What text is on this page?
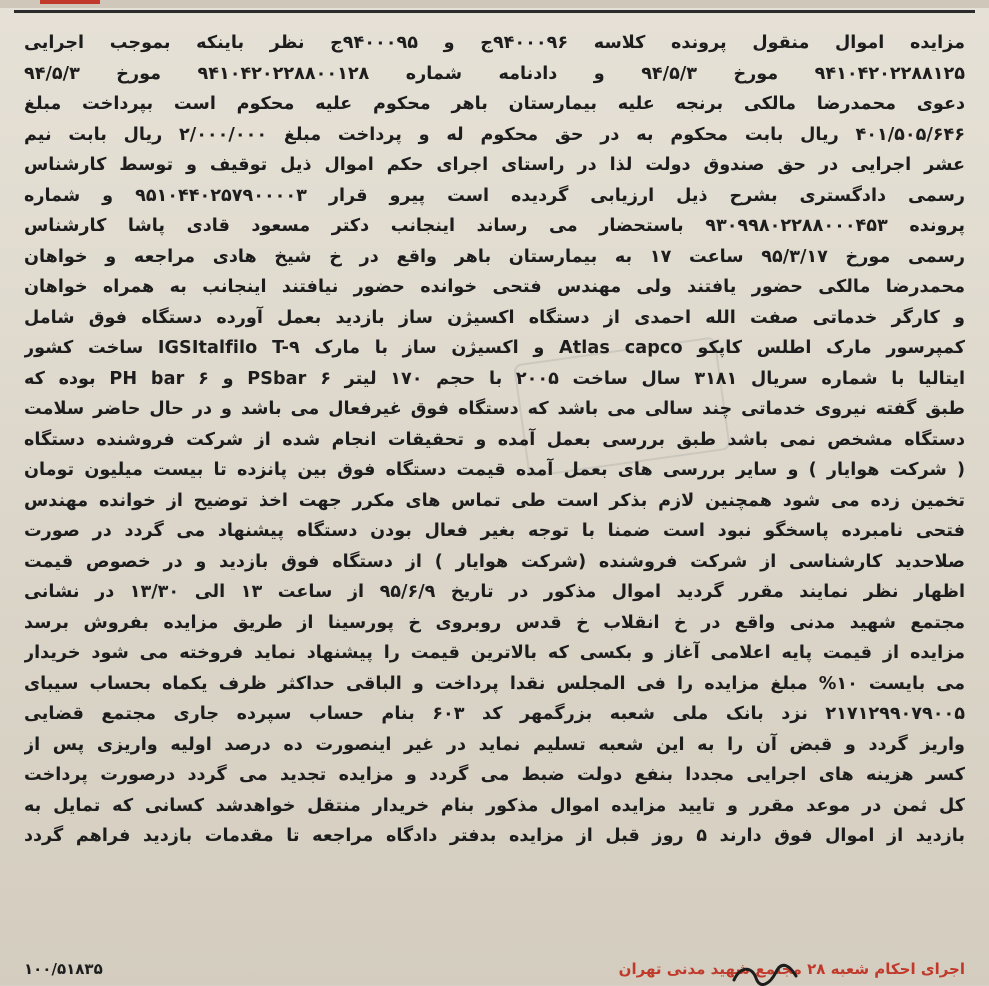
مزایده اموال منقول پرونده کلاسه ۹۴۰۰۰۹۶ج و ۹۴۰۰۰۹۵ج نظر باینکه بموجب اجرایی
۹۴۱۰۴۲۰۲۲۸۸۱۲۵ مورخ ۹۴/۵/۳ و دادنامه شماره ۹۴۱۰۴۲۰۲۲۸۸۰۰۱۲۸ مورخ ۹۴/۵/۳
دعوی محمدرضا مالکی برنجه علیه بیمارستان باهر محکوم علیه محکوم است بپرداخت مبلغ
۴۰۱/۵۰۵/۶۴۶ ریال بابت محکوم به در حق محکوم له و پرداخت مبلغ ۲/۰۰۰/۰۰۰ ریال بابت نیم
عشر اجرایی در حق صندوق دولت لذا در راستای اجرای حکم اموال ذیل توقیف و توسط کارشناس
رسمی دادگستری بشرح ذیل ارزیابی گردیده است پیرو قرار ۹۵۱۰۴۴۰۲۵۷۹۰۰۰۰۳ و شماره
پرونده ۹۳۰۹۹۸۰۲۲۸۸۰۰۰۴۵۳ باستحضار می رساند اینجانب دکتر مسعود قادی پاشا کارشناس
رسمی مورخ ۹۵/۳/۱۷ ساعت ۱۷ به بیمارستان باهر واقع در خ شیخ هادی مراجعه و خواهان
محمدرضا مالکی حضور یافتند ولی مهندس فتحی خوانده حضور نیافتند اینجانب به همراه خواهان
و کارگر خدماتی صفت الله احمدی از دستگاه اکسیژن ساز بازدید بعمل آورده دستگاه فوق شامل
کمپرسور مارک اطلس کاپکو Atlas capco و اکسیژن ساز با مارک IGSItalfilo T-۹ ساخت کشور
ایتالیا با شماره سریال ۳۱۸۱ سال ساخت ۲۰۰۵ با حجم ۱۷۰ لیتر PSbar ۶ و PH bar ۶ بوده که
طبق گفته نیروی خدماتی چند سالی می باشد که دستگاه فوق غیرفعال می باشد و در حال حاضر سلامت
دستگاه مشخص نمی باشد طبق بررسی بعمل آمده و تحقیقات انجام شده از شرکت فروشنده دستگاه
( شرکت هوایار ) و سایر بررسی های بعمل آمده قیمت دستگاه فوق بین پانزده تا بیست میلیون تومان
تخمین زده می شود همچنین لازم بذکر است طی تماس های مکرر جهت اخذ توضیح از خوانده مهندس
فتحی نامبرده پاسخگو نبود است ضمنا با توجه بغیر فعال بودن دستگاه پیشنهاد می گردد در صورت
صلاحدید کارشناسی از شرکت فروشنده (شرکت هوایار ) از دستگاه فوق بازدید و در خصوص قیمت
اظهار نظر نمایند مقرر گردید اموال مذکور در تاریخ ۹۵/۶/۹ از ساعت ۱۳ الی ۱۳/۳۰ در نشانی
مجتمع شهید مدنی واقع در خ انقلاب خ قدس روبروی خ پورسینا از طریق مزایده بفروش برسد
مزایده از قیمت پایه اعلامی آغاز و بکسی که بالاترین قیمت را پیشنهاد نماید فروخته می شود خریدار
می بایست ۱۰% مبلغ مزایده را فی المجلس نقدا پرداخت و الباقی حداکثر ظرف یکماه بحساب سیبای
۲۱۷۱۲۹۹۰۷۹۰۰۵ نزد بانک ملی شعبه بزرگمهر کد ۶۰۳ بنام حساب سپرده جاری مجتمع قضایی
واریز گردد و قبض آن را به این شعبه تسلیم نماید در غیر اینصورت ده درصد اولیه واریزی پس از
کسر هزینه های اجرایی مجددا بنفع دولت ضبط می گردد و مزایده تجدید می گردد درصورت پرداخت
کل ثمن در موعد مقرر و تایید مزایده اموال مذکور بنام خریدار منتقل خواهدشد کسانی که تمایل به
بازدید از اموال فوق دارند ۵ روز قبل از مزایده بدفتر دادگاه مراجعه تا مقدمات بازدید فراهم گردد
اجرای احکام شعبه ۲۸ مجتمع شهید مدنی تهران
۱۰۰/۵۱۸۳۵
